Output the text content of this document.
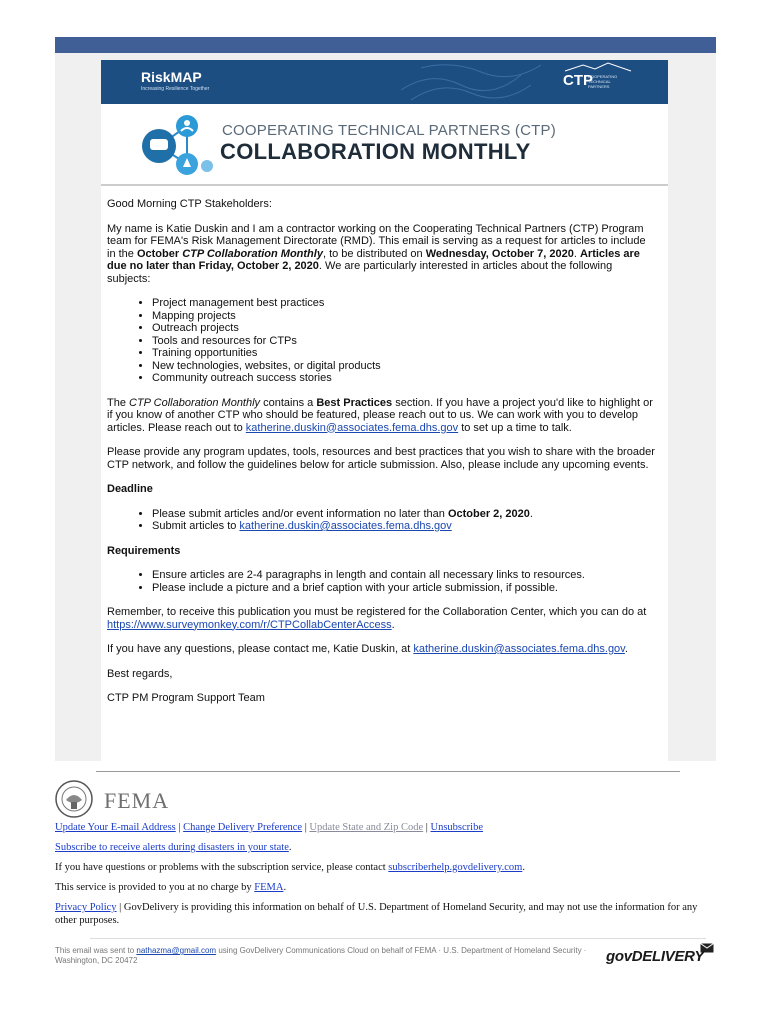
RiskMAP
Increasing Resilience Together	CTP
COOPERATING TECHNICAL PARTNERS
COOPERATING TECHNICAL PARTNERS (CTP)
COLLABORATION MONTHLY

Good Morning CTP Stakeholders:

My name is Katie Duskin and I am a contractor working on the Cooperating Technical Partners (CTP) Program team for FEMA's Risk Management Directorate (RMD). This email is serving as a request for articles to include in the October CTP Collaboration Monthly, to be distributed on Wednesday, October 7, 2020. Articles are due no later than Friday, October 2, 2020. We are particularly interested in articles about the following subjects:

• Project management best practices
• Mapping projects
• Outreach projects
• Tools and resources for CTPs
• Training opportunities
• New technologies, websites, or digital products
• Community outreach success stories

The CTP Collaboration Monthly contains a Best Practices section. If you have a project you'd like to highlight or if you know of another CTP who should be featured, please reach out to us. We can work with you to develop articles. Please reach out to katherine.duskin@associates.fema.dhs.gov to set up a time to talk.

Please provide any program updates, tools, resources and best practices that you wish to share with the broader CTP network, and follow the guidelines below for article submission. Also, please include any upcoming events.

Deadline

• Please submit articles and/or event information no later than October 2, 2020.
• Submit articles to katherine.duskin@associates.fema.dhs.gov

Requirements

• Ensure articles are 2-4 paragraphs in length and contain all necessary links to resources.
• Please include a picture and a brief caption with your article submission, if possible.

Remember, to receive this publication you must be registered for the Collaboration Center, which you can do at https://www.surveymonkey.com/r/CTPCollabCenterAccess.

If you have any questions, please contact me, Katie Duskin, at katherine.duskin@associates.fema.dhs.gov.

Best regards,

CTP PM Program Support Team

FEMA

Update Your E-mail Address | Change Delivery Preference | Update State and Zip Code | Unsubscribe

Subscribe to receive alerts during disasters in your state.

If you have questions or problems with the subscription service, please contact subscriberhelp.govdelivery.com.

This service is provided to you at no charge by FEMA.

Privacy Policy | GovDelivery is providing this information on behalf of U.S. Department of Homeland Security, and may not use the information for any other purposes.

This email was sent to nathazma@gmail.com using GovDelivery Communications Cloud on behalf of FEMA · U.S. Department of Homeland Security · Washington, DC 20472	govDELIVERY
